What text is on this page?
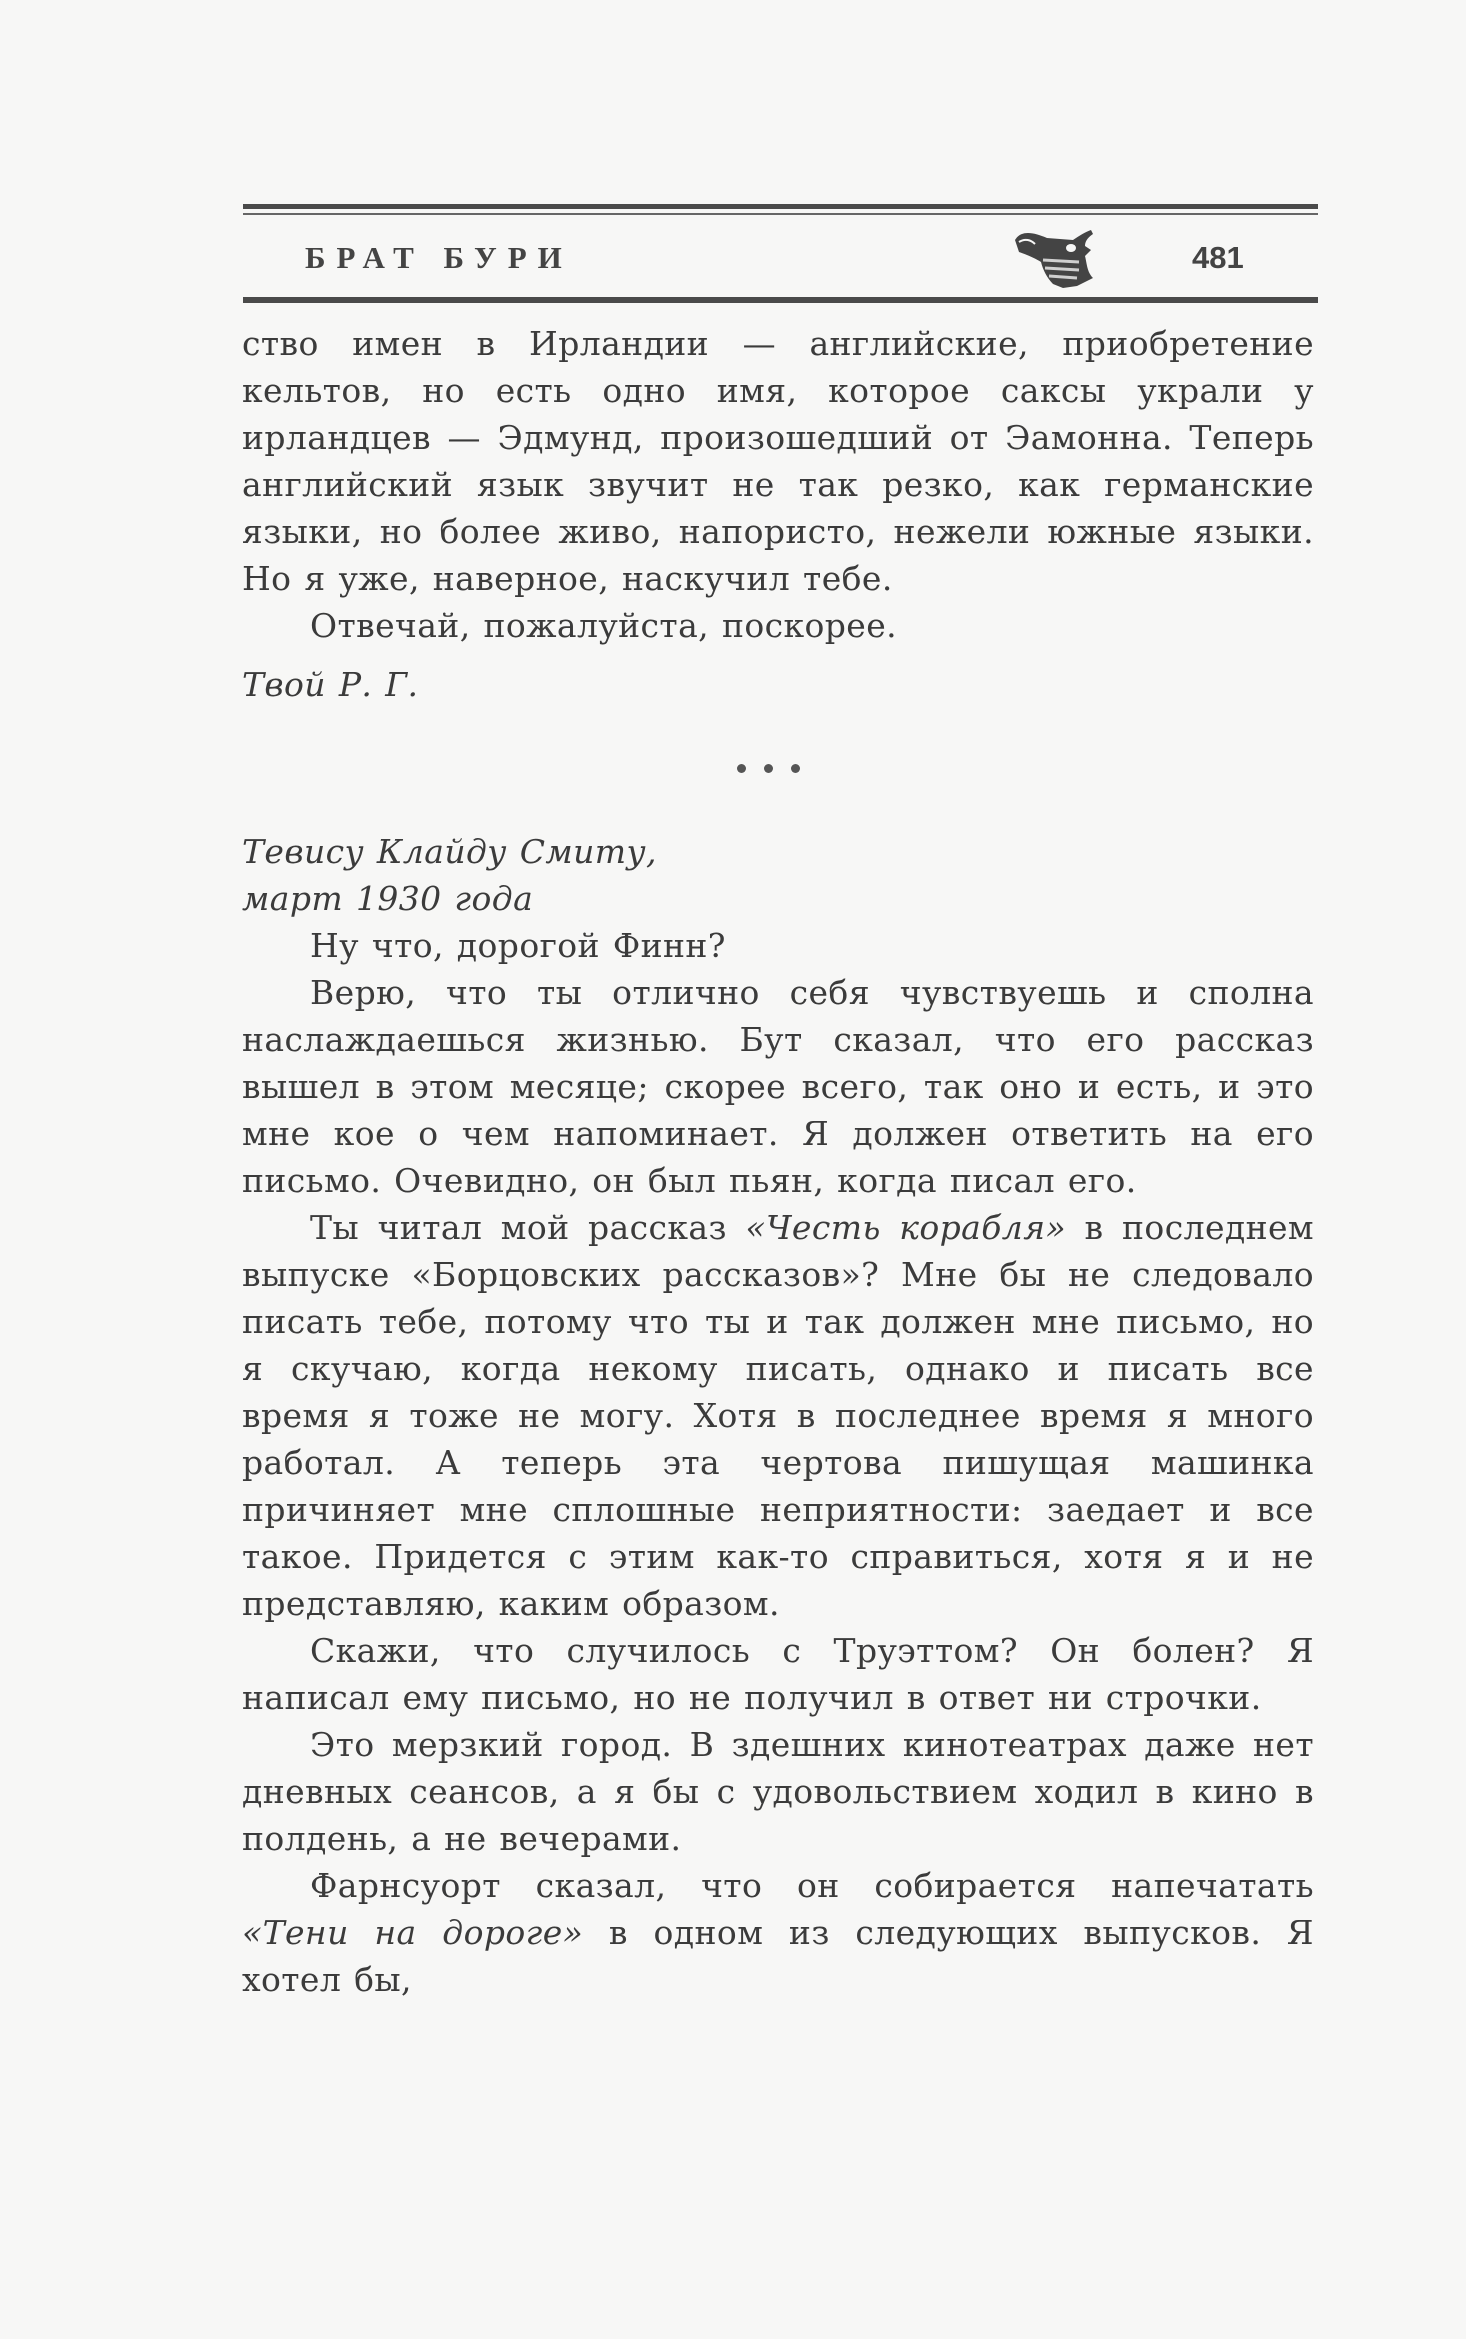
БРАТ БУРИ	481

ство имен в Ирландии — английские, приобретение кельтов, но есть одно имя, которое саксы украли у ирландцев — Эдмунд, произошедший от Эамонна. Теперь английский язык звучит не так резко, как германские языки, но более живо, напористо, нежели южные языки. Но я уже, наверное, наскучил тебе.

Отвечай, пожалуйста, поскорее.

Твой Р. Г.

Тевису Клайду Смиту,

март 1930 года

Ну что, дорогой Финн?

Верю, что ты отлично себя чувствуешь и сполна наслаждаешься жизнью. Бут сказал, что его рассказ вышел в этом месяце; скорее всего, так оно и есть, и это мне кое о чем напоминает. Я должен ответить на его письмо. Очевидно, он был пьян, когда писал его.

Ты читал мой рассказ «Честь корабля» в последнем выпуске «Борцовских рассказов»? Мне бы не следовало писать тебе, потому что ты и так должен мне письмо, но я скучаю, когда некому писать, однако и писать все время я тоже не могу. Хотя в последнее время я много работал. А теперь эта чертова пишущая машинка причиняет мне сплошные неприятности: заедает и все такое. Придется с этим как-то справиться, хотя я и не представляю, каким образом.

Скажи, что случилось с Труэттом? Он болен? Я написал ему письмо, но не получил в ответ ни строчки.

Это мерзкий город. В здешних кинотеатрах даже нет дневных сеансов, а я бы с удовольствием ходил в кино в полдень, а не вечерами.

Фарнсуорт сказал, что он собирается напечатать «Тени на дороге» в одном из следующих выпусков. Я хотел бы,
